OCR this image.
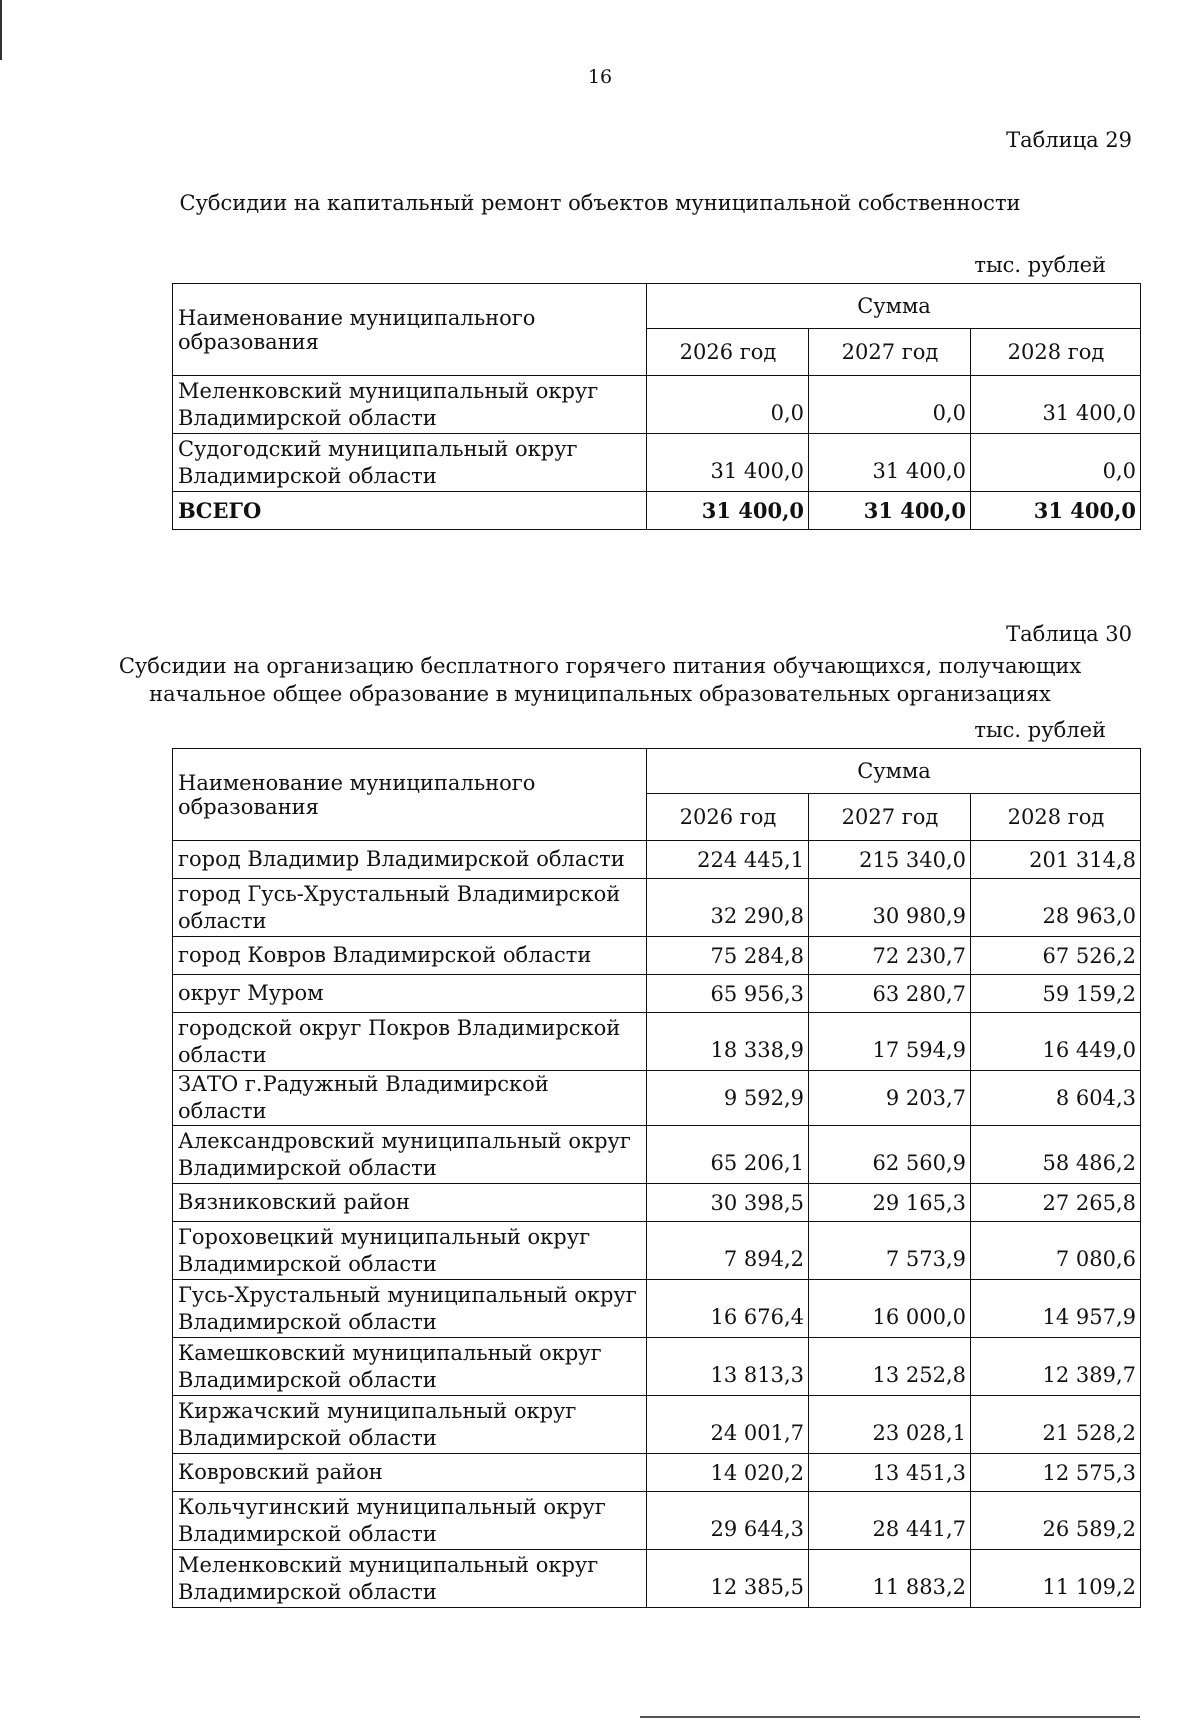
16
Таблица 29
Субсидии на капитальный ремонт объектов муниципальной собственности
тыс. рублей
Наименование муниципального образования	Сумма		
	2026 год	2027 год	2028 год
Меленковский муниципальный округ Владимирской области	0,0	0,0	31 400,0
Судогодский муниципальный округ Владимирской области	31 400,0	31 400,0	0,0
ВСЕГО	31 400,0	31 400,0	31 400,0
Таблица 30
Субсидии на организацию бесплатного горячего питания обучающихся, получающих
начальное общее образование в муниципальных образовательных организациях
тыс. рублей
Наименование муниципального образования	Сумма		
	2026 год	2027 год	2028 год
город Владимир Владимирской области	224 445,1	215 340,0	201 314,8
город Гусь-Хрустальный Владимирской области	32 290,8	30 980,9	28 963,0
город Ковров Владимирской области	75 284,8	72 230,7	67 526,2
округ Муром	65 956,3	63 280,7	59 159,2
городской округ Покров Владимирской области	18 338,9	17 594,9	16 449,0
ЗАТО г.Радужный Владимирской области	9 592,9	9 203,7	8 604,3
Александровский муниципальный округ Владимирской области	65 206,1	62 560,9	58 486,2
Вязниковский район	30 398,5	29 165,3	27 265,8
Гороховецкий муниципальный округ Владимирской области	7 894,2	7 573,9	7 080,6
Гусь-Хрустальный муниципальный округ Владимирской области	16 676,4	16 000,0	14 957,9
Камешковский муниципальный округ Владимирской области	13 813,3	13 252,8	12 389,7
Киржачский муниципальный округ Владимирской области	24 001,7	23 028,1	21 528,2
Ковровский район	14 020,2	13 451,3	12 575,3
Кольчугинский муниципальный округ Владимирской области	29 644,3	28 441,7	26 589,2
Меленковский муниципальный округ Владимирской области	12 385,5	11 883,2	11 109,2
